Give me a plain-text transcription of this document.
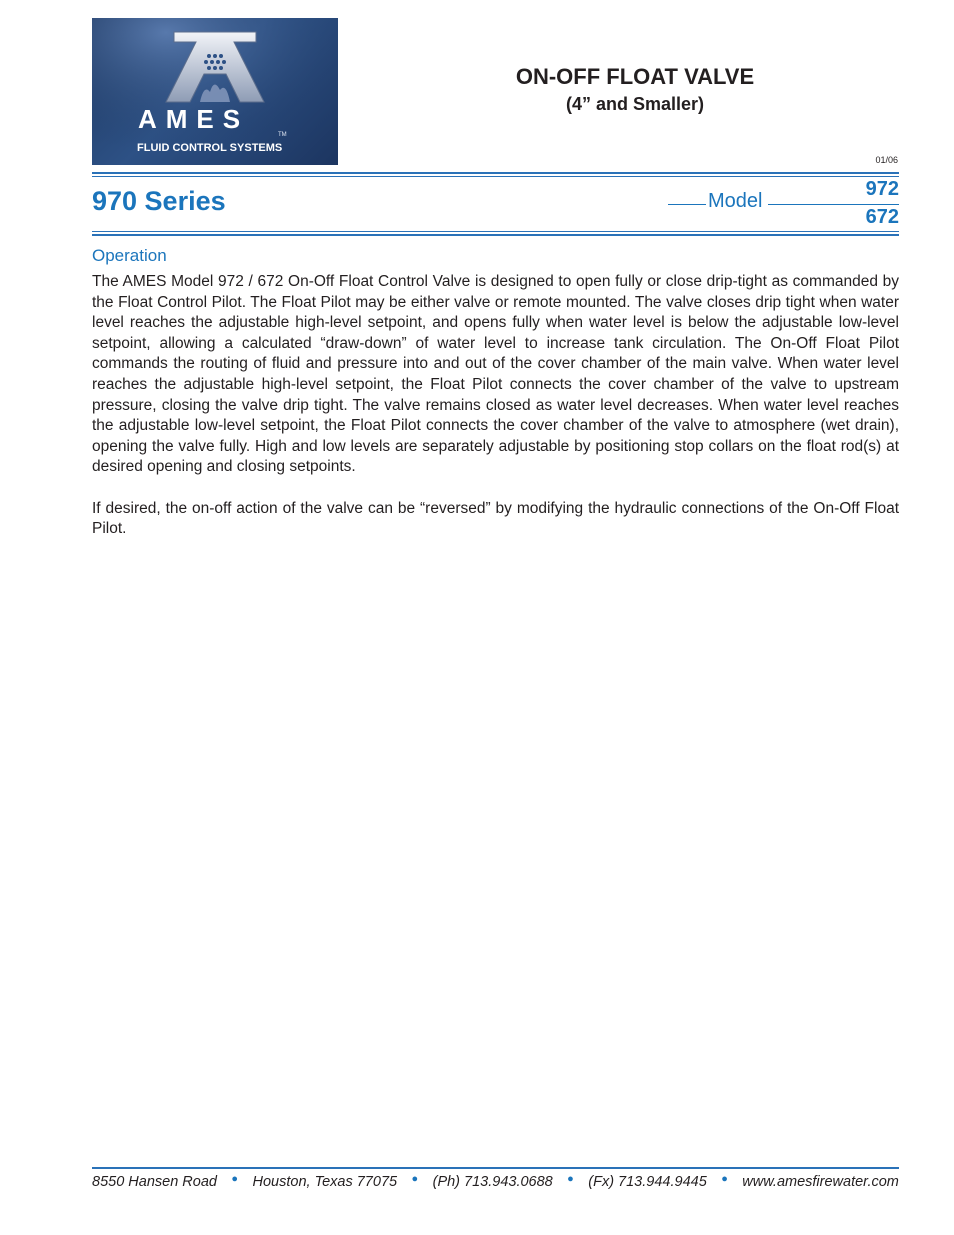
AMES
TM
FLUID CONTROL SYSTEMS
ON-OFF FLOAT VALVE
(4” and Smaller)
01/06
970 Series	Model
972
672
Operation

The AMES Model 972 / 672 On-Off Float Control Valve is designed to open fully or close drip-tight as commanded by the Float Control Pilot. The Float Pilot may be either valve or remote mounted. The valve closes drip tight when water level reaches the adjustable high-level setpoint, and opens fully when water level is below the adjustable low-level setpoint, allowing a calculated “draw-down” of water level to increase tank circulation. The On-Off Float Pilot commands the routing of fluid and pressure into and out of the cover chamber of the main valve. When water level reaches the adjustable high-level setpoint, the Float Pilot connects the cover chamber of the valve to upstream pressure, closing the valve drip tight. The valve remains closed as water level decreases. When water level reaches the adjustable low-level setpoint, the Float Pilot connects the cover chamber of the valve to atmosphere (wet drain), opening the valve fully. High and low levels are separately adjustable by positioning stop collars on the float rod(s) at desired opening and closing setpoints.

If desired, the on-off action of the valve can be “reversed” by modifying the hydraulic connections of the On-Off Float Pilot.

8550 Hansen Road ● Houston, Texas 77075 ● (Ph) 713.943.0688 ● (Fx) 713.944.9445 ● www.amesfirewater.com
